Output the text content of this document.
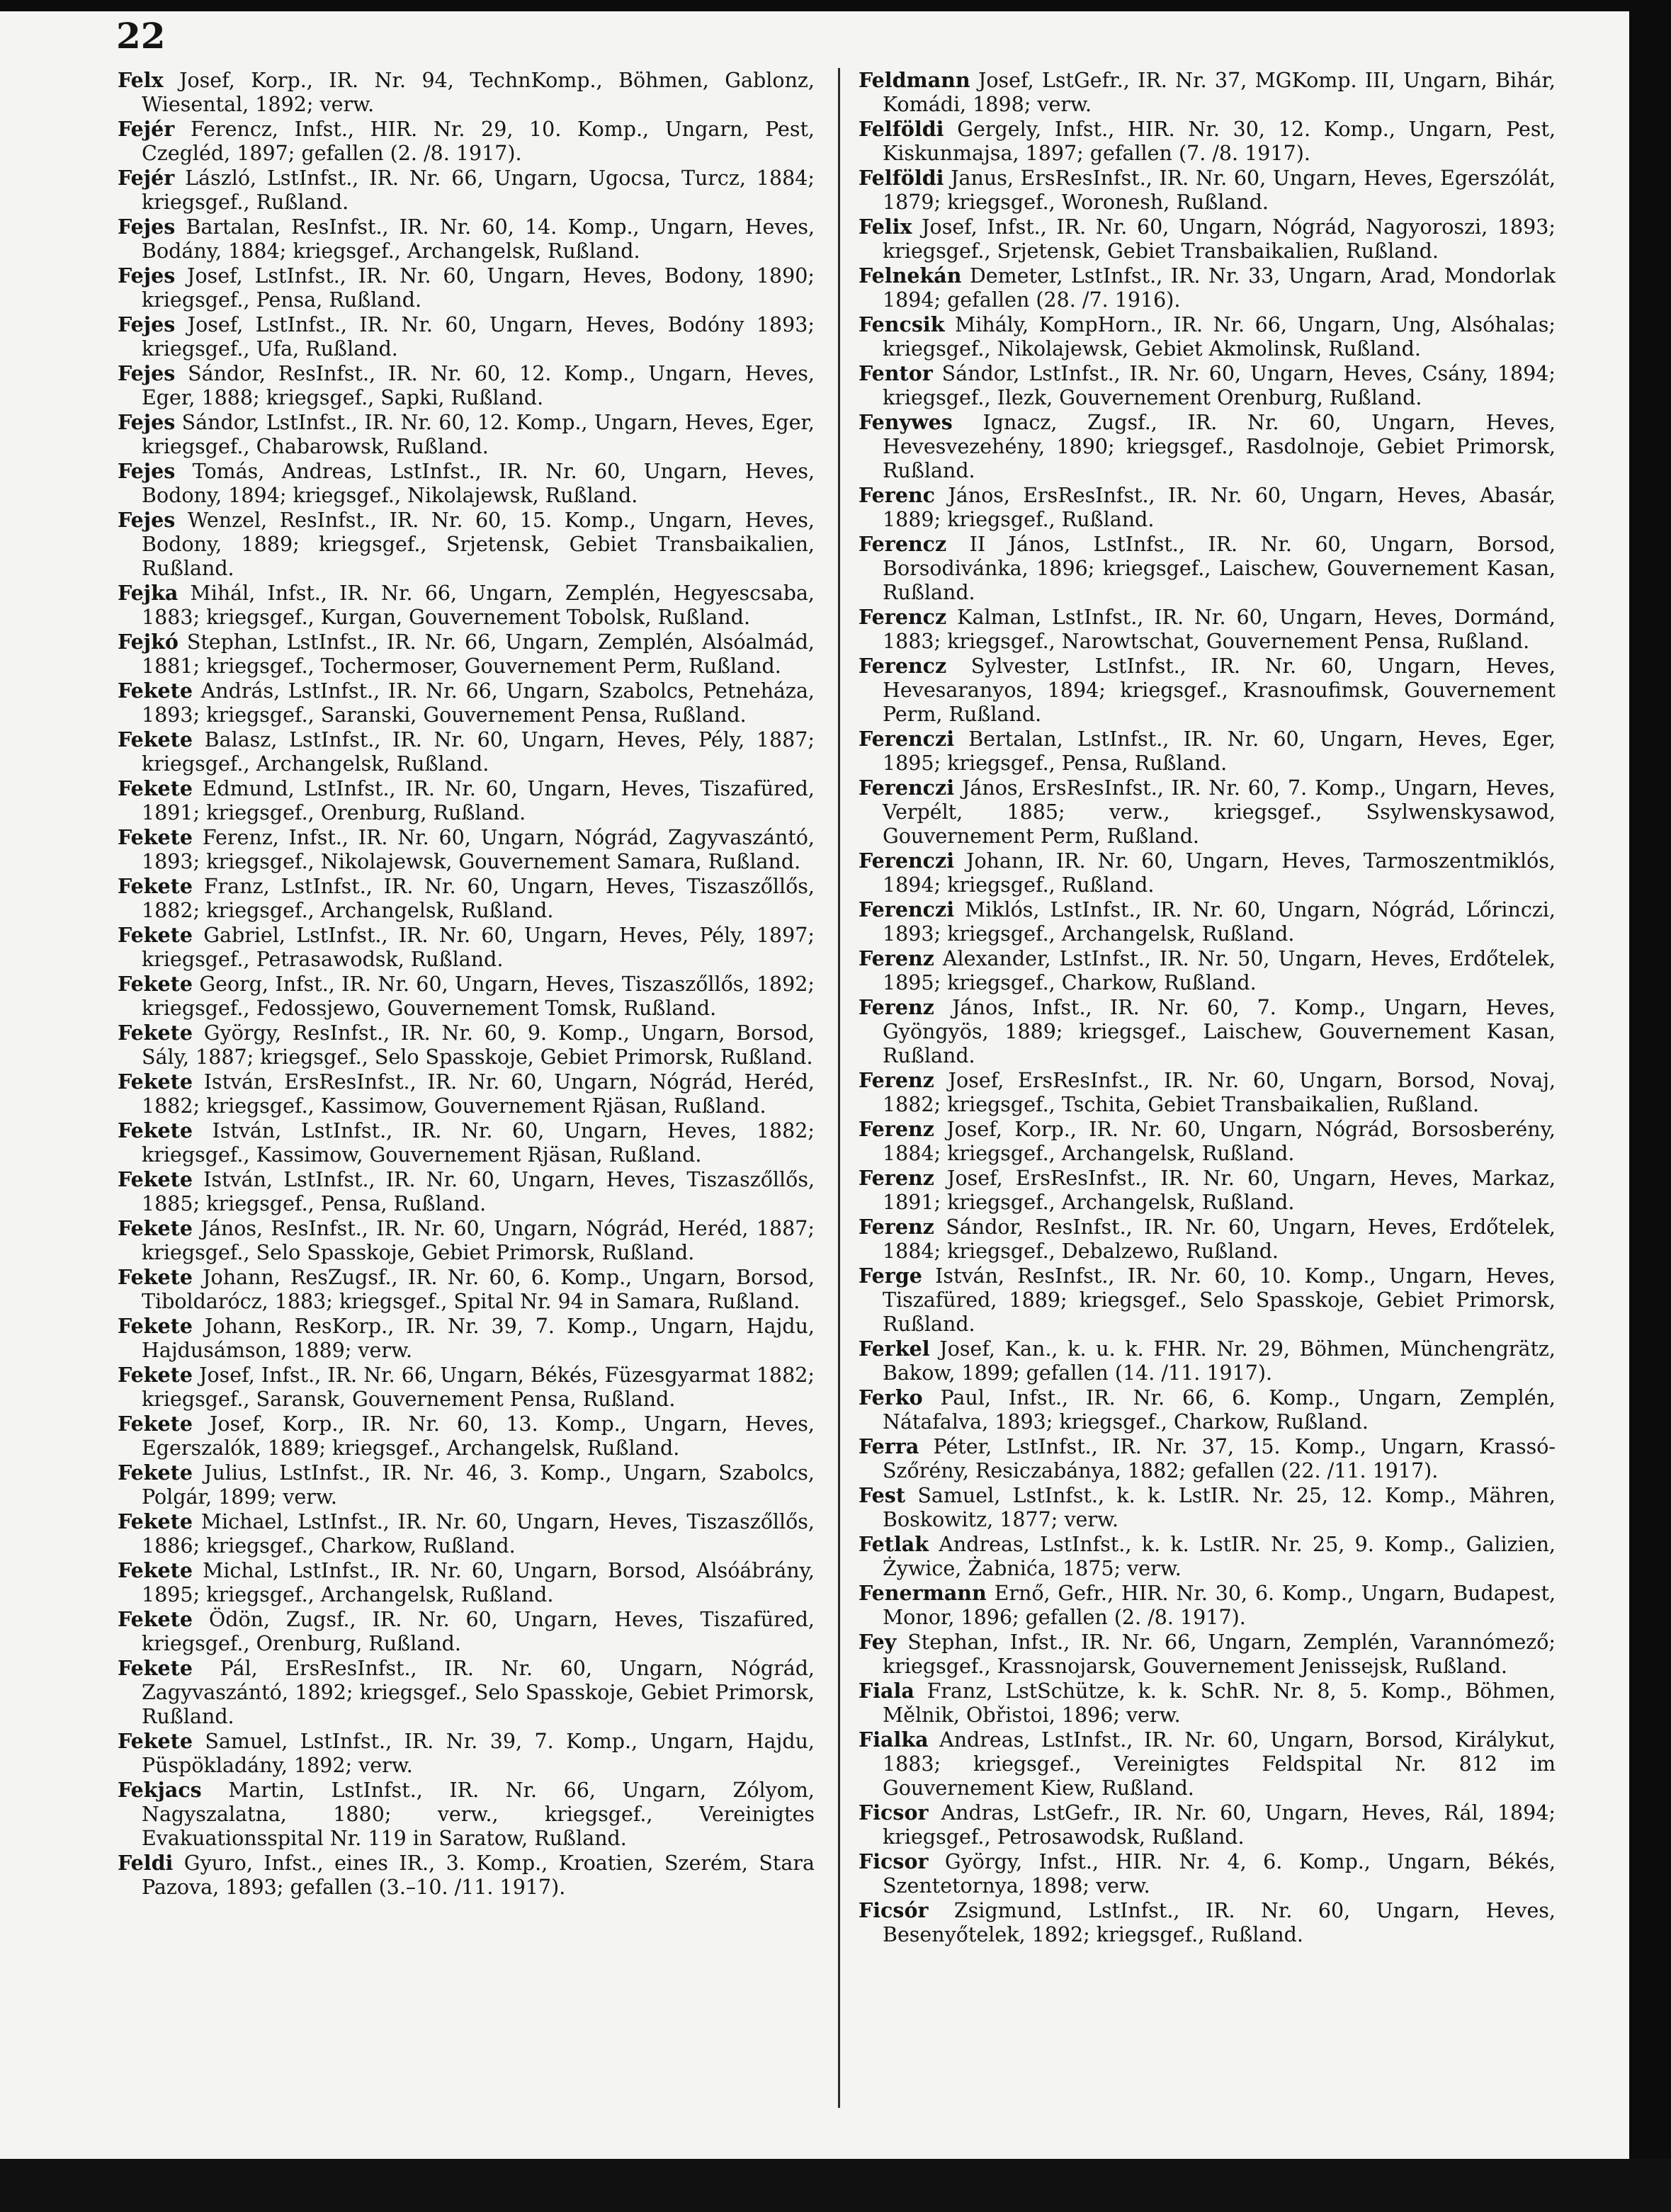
22

Felx Josef, Korp., IR. Nr. 94, TechnKomp., Böhmen, Gablonz, Wiesental, 1892; verw.

Fejér Ferencz, Infst., HIR. Nr. 29, 10. Komp., Ungarn, Pest, Czegléd, 1897; gefallen (2. /8. 1917).

Fejér László, LstInfst., IR. Nr. 66, Ungarn, Ugocsa, Turcz, 1884; kriegsgef., Rußland.

Fejes Bartalan, ResInfst., IR. Nr. 60, 14. Komp., Ungarn, Heves, Bodány, 1884; kriegsgef., Archangelsk, Rußland.

Fejes Josef, LstInfst., IR. Nr. 60, Ungarn, Heves, Bodony, 1890; kriegsgef., Pensa, Rußland.

Fejes Josef, LstInfst., IR. Nr. 60, Ungarn, Heves, Bodóny 1893; kriegsgef., Ufa, Rußland.

Fejes Sándor, ResInfst., IR. Nr. 60, 12. Komp., Ungarn, Heves, Eger, 1888; kriegsgef., Sapki, Rußland.

Fejes Sándor, LstInfst., IR. Nr. 60, 12. Komp., Ungarn, Heves, Eger, kriegsgef., Chabarowsk, Rußland.

Fejes Tomás, Andreas, LstInfst., IR. Nr. 60, Ungarn, Heves, Bodony, 1894; kriegsgef., Nikolajewsk, Rußland.

Fejes Wenzel, ResInfst., IR. Nr. 60, 15. Komp., Ungarn, Heves, Bodony, 1889; kriegsgef., Srjetensk, Gebiet Transbaikalien, Rußland.

Fejka Mihál, Infst., IR. Nr. 66, Ungarn, Zemplén, Hegyescsaba, 1883; kriegsgef., Kurgan, Gouvernement Tobolsk, Rußland.

Fejkó Stephan, LstInfst., IR. Nr. 66, Ungarn, Zemplén, Alsóalmád, 1881; kriegsgef., Tochermoser, Gouvernement Perm, Rußland.

Fekete András, LstInfst., IR. Nr. 66, Ungarn, Szabolcs, Petneháza, 1893; kriegsgef., Saranski, Gouvernement Pensa, Rußland.

Fekete Balasz, LstInfst., IR. Nr. 60, Ungarn, Heves, Pély, 1887; kriegsgef., Archangelsk, Rußland.

Fekete Edmund, LstInfst., IR. Nr. 60, Ungarn, Heves, Tiszafüred, 1891; kriegsgef., Orenburg, Rußland.

Fekete Ferenz, Infst., IR. Nr. 60, Ungarn, Nógrád, Zagyvaszántó, 1893; kriegsgef., Nikolajewsk, Gouvernement Samara, Rußland.

Fekete Franz, LstInfst., IR. Nr. 60, Ungarn, Heves, Tiszaszőllős, 1882; kriegsgef., Archangelsk, Rußland.

Fekete Gabriel, LstInfst., IR. Nr. 60, Ungarn, Heves, Pély, 1897; kriegsgef., Petrasawodsk, Rußland.

Fekete Georg, Infst., IR. Nr. 60, Ungarn, Heves, Tiszaszőllős, 1892; kriegsgef., Fedossjewo, Gouvernement Tomsk, Rußland.

Fekete György, ResInfst., IR. Nr. 60, 9. Komp., Ungarn, Borsod, Sály, 1887; kriegsgef., Selo Spasskoje, Gebiet Primorsk, Rußland.

Fekete István, ErsResInfst., IR. Nr. 60, Ungarn, Nógrád, Heréd, 1882; kriegsgef., Kassimow, Gouvernement Rjäsan, Rußland.

Fekete István, LstInfst., IR. Nr. 60, Ungarn, Heves, 1882; kriegsgef., Kassimow, Gouvernement Rjäsan, Rußland.

Fekete István, LstInfst., IR. Nr. 60, Ungarn, Heves, Tiszaszőllős, 1885; kriegsgef., Pensa, Rußland.

Fekete János, ResInfst., IR. Nr. 60, Ungarn, Nógrád, Heréd, 1887; kriegsgef., Selo Spasskoje, Gebiet Primorsk, Rußland.

Fekete Johann, ResZugsf., IR. Nr. 60, 6. Komp., Ungarn, Borsod, Tiboldarócz, 1883; kriegsgef., Spital Nr. 94 in Samara, Rußland.

Fekete Johann, ResKorp., IR. Nr. 39, 7. Komp., Ungarn, Hajdu, Hajdusámson, 1889; verw.

Fekete Josef, Infst., IR. Nr. 66, Ungarn, Békés, Füzesgyarmat 1882; kriegsgef., Saransk, Gouvernement Pensa, Rußland.

Fekete Josef, Korp., IR. Nr. 60, 13. Komp., Ungarn, Heves, Egerszalók, 1889; kriegsgef., Archangelsk, Rußland.

Fekete Julius, LstInfst., IR. Nr. 46, 3. Komp., Ungarn, Szabolcs, Polgár, 1899; verw.

Fekete Michael, LstInfst., IR. Nr. 60, Ungarn, Heves, Tiszaszőllős, 1886; kriegsgef., Charkow, Rußland.

Fekete Michal, LstInfst., IR. Nr. 60, Ungarn, Borsod, Alsóábrány, 1895; kriegsgef., Archangelsk, Rußland.

Fekete Ödön, Zugsf., IR. Nr. 60, Ungarn, Heves, Tiszafüred, kriegsgef., Orenburg, Rußland.

Fekete Pál, ErsResInfst., IR. Nr. 60, Ungarn, Nógrád, Zagyvaszántó, 1892; kriegsgef., Selo Spasskoje, Gebiet Primorsk, Rußland.

Fekete Samuel, LstInfst., IR. Nr. 39, 7. Komp., Ungarn, Hajdu, Püspökladány, 1892; verw.

Fekjacs Martin, LstInfst., IR. Nr. 66, Ungarn, Zólyom, Nagyszalatna, 1880; verw., kriegsgef., Vereinigtes Evakuationsspital Nr. 119 in Saratow, Rußland.

Feldi Gyuro, Infst., eines IR., 3. Komp., Kroatien, Szerém, Stara Pazova, 1893; gefallen (3.–10. /11. 1917).

Feldmann Josef, LstGefr., IR. Nr. 37, MGKomp. III, Ungarn, Bihár, Komádi, 1898; verw.

Felföldi Gergely, Infst., HIR. Nr. 30, 12. Komp., Ungarn, Pest, Kiskunmajsa, 1897; gefallen (7. /8. 1917).

Felföldi Janus, ErsResInfst., IR. Nr. 60, Ungarn, Heves, Egerszólát, 1879; kriegsgef., Woronesh, Rußland.

Felix Josef, Infst., IR. Nr. 60, Ungarn, Nógrád, Nagyoroszi, 1893; kriegsgef., Srjetensk, Gebiet Transbaikalien, Rußland.

Felnekán Demeter, LstInfst., IR. Nr. 33, Ungarn, Arad, Mondorlak 1894; gefallen (28. /7. 1916).

Fencsik Mihály, KompHorn., IR. Nr. 66, Ungarn, Ung, Alsóhalas; kriegsgef., Nikolajewsk, Gebiet Akmolinsk, Rußland.

Fentor Sándor, LstInfst., IR. Nr. 60, Ungarn, Heves, Csány, 1894; kriegsgef., Ilezk, Gouvernement Orenburg, Rußland.

Fenywes Ignacz, Zugsf., IR. Nr. 60, Ungarn, Heves, Hevesvezehény, 1890; kriegsgef., Rasdolnoje, Gebiet Primorsk, Rußland.

Ferenc János, ErsResInfst., IR. Nr. 60, Ungarn, Heves, Abasár, 1889; kriegsgef., Rußland.

Ferencz II János, LstInfst., IR. Nr. 60, Ungarn, Borsod, Borsodivánka, 1896; kriegsgef., Laischew, Gouvernement Kasan, Rußland.

Ferencz Kalman, LstInfst., IR. Nr. 60, Ungarn, Heves, Dormánd, 1883; kriegsgef., Narowtschat, Gouvernement Pensa, Rußland.

Ferencz Sylvester, LstInfst., IR. Nr. 60, Ungarn, Heves, Hevesaranyos, 1894; kriegsgef., Krasnoufimsk, Gouvernement Perm, Rußland.

Ferenczi Bertalan, LstInfst., IR. Nr. 60, Ungarn, Heves, Eger, 1895; kriegsgef., Pensa, Rußland.

Ferenczi János, ErsResInfst., IR. Nr. 60, 7. Komp., Ungarn, Heves, Verpélt, 1885; verw., kriegsgef., Ssylwenskysawod, Gouvernement Perm, Rußland.

Ferenczi Johann, IR. Nr. 60, Ungarn, Heves, Tarmoszentmiklós, 1894; kriegsgef., Rußland.

Ferenczi Miklós, LstInfst., IR. Nr. 60, Ungarn, Nógrád, Lőrinczi, 1893; kriegsgef., Archangelsk, Rußland.

Ferenz Alexander, LstInfst., IR. Nr. 50, Ungarn, Heves, Erdőtelek, 1895; kriegsgef., Charkow, Rußland.

Ferenz János, Infst., IR. Nr. 60, 7. Komp., Ungarn, Heves, Gyöngyös, 1889; kriegsgef., Laischew, Gouvernement Kasan, Rußland.

Ferenz Josef, ErsResInfst., IR. Nr. 60, Ungarn, Borsod, Novaj, 1882; kriegsgef., Tschita, Gebiet Transbaikalien, Rußland.

Ferenz Josef, Korp., IR. Nr. 60, Ungarn, Nógrád, Borsosberény, 1884; kriegsgef., Archangelsk, Rußland.

Ferenz Josef, ErsResInfst., IR. Nr. 60, Ungarn, Heves, Markaz, 1891; kriegsgef., Archangelsk, Rußland.

Ferenz Sándor, ResInfst., IR. Nr. 60, Ungarn, Heves, Erdőtelek, 1884; kriegsgef., Debalzewo, Rußland.

Ferge István, ResInfst., IR. Nr. 60, 10. Komp., Ungarn, Heves, Tiszafüred, 1889; kriegsgef., Selo Spasskoje, Gebiet Primorsk, Rußland.

Ferkel Josef, Kan., k. u. k. FHR. Nr. 29, Böhmen, Münchengrätz, Bakow, 1899; gefallen (14. /11. 1917).

Ferko Paul, Infst., IR. Nr. 66, 6. Komp., Ungarn, Zemplén, Nátafalva, 1893; kriegsgef., Charkow, Rußland.

Ferra Péter, LstInfst., IR. Nr. 37, 15. Komp., Ungarn, Krassó-Szőrény, Resiczabánya, 1882; gefallen (22. /11. 1917).

Fest Samuel, LstInfst., k. k. LstIR. Nr. 25, 12. Komp., Mähren, Boskowitz, 1877; verw.

Fetlak Andreas, LstInfst., k. k. LstIR. Nr. 25, 9. Komp., Galizien, Żywice, Żabnića, 1875; verw.

Fenermann Ernő, Gefr., HIR. Nr. 30, 6. Komp., Ungarn, Budapest, Monor, 1896; gefallen (2. /8. 1917).

Fey Stephan, Infst., IR. Nr. 66, Ungarn, Zemplén, Varannómező; kriegsgef., Krassnojarsk, Gouvernement Jenissejsk, Rußland.

Fiala Franz, LstSchütze, k. k. SchR. Nr. 8, 5. Komp., Böhmen, Mělnik, Obřistoi, 1896; verw.

Fialka Andreas, LstInfst., IR. Nr. 60, Ungarn, Borsod, Királykut, 1883; kriegsgef., Vereinigtes Feldspital Nr. 812 im Gouvernement Kiew, Rußland.

Ficsor Andras, LstGefr., IR. Nr. 60, Ungarn, Heves, Rál, 1894; kriegsgef., Petrosawodsk, Rußland.

Ficsor György, Infst., HIR. Nr. 4, 6. Komp., Ungarn, Békés, Szentetornya, 1898; verw.

Ficsór Zsigmund, LstInfst., IR. Nr. 60, Ungarn, Heves, Besenyőtelek, 1892; kriegsgef., Rußland.
